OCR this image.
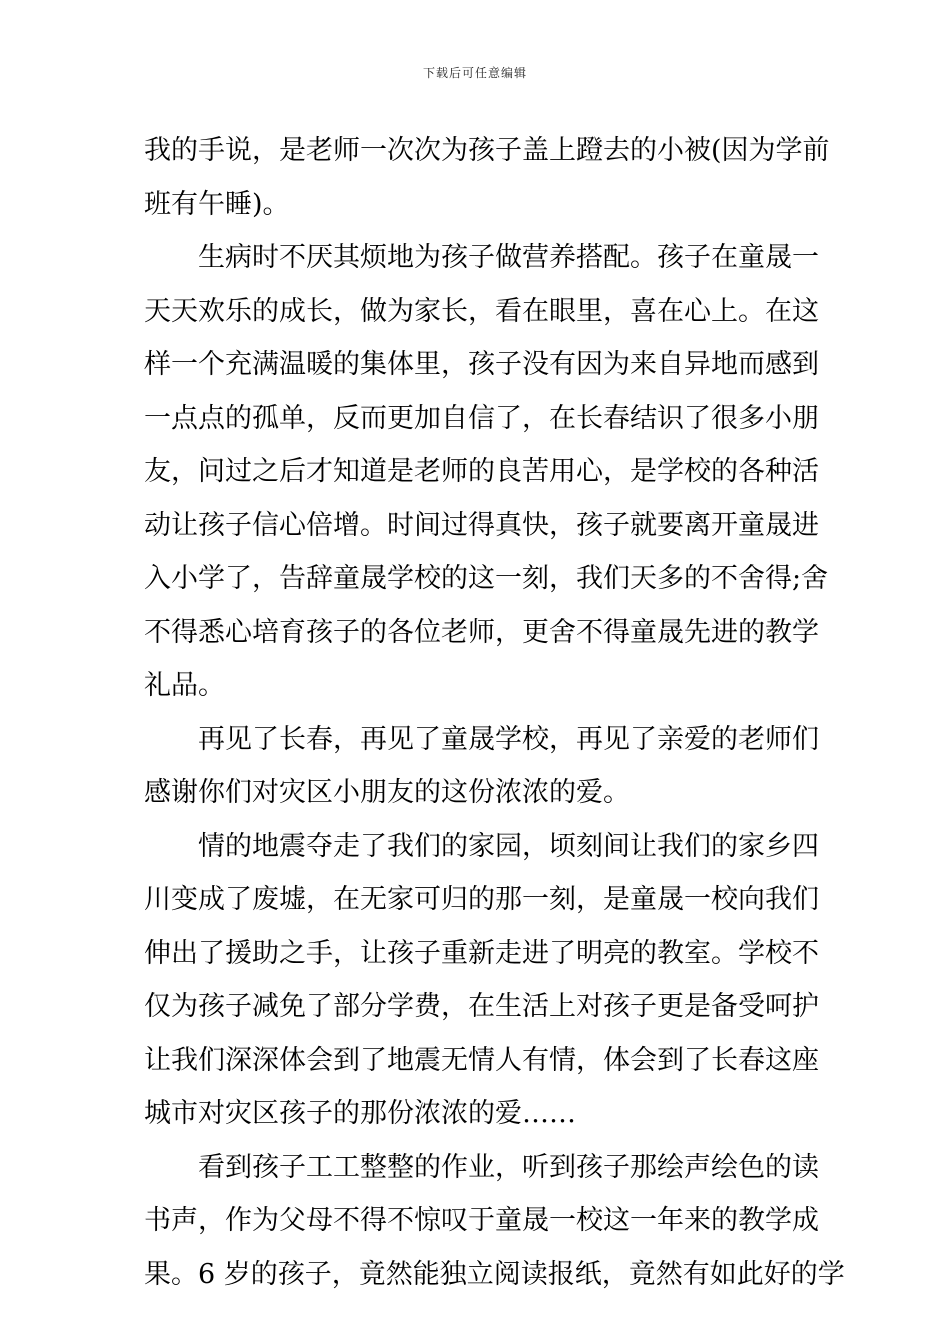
下载后可任意编辑
我的手说，是老师一次次为孩子盖上蹬去的小被(因为学前
班有午睡)。
生病时不厌其烦地为孩子做营养搭配。孩子在童晟一
天天欢乐的成长，做为家长，看在眼里，喜在心上。在这
样一个充满温暖的集体里，孩子没有因为来自异地而感到
一点点的孤单，反而更加自信了，在长春结识了很多小朋
友，问过之后才知道是老师的良苦用心，是学校的各种活
动让孩子信心倍增。时间过得真快，孩子就要离开童晟进
入小学了，告辞童晟学校的这一刻，我们天多的不舍得;舍
不得悉心培育孩子的各位老师，更舍不得童晟先进的教学
礼品。
再见了长春，再见了童晟学校，再见了亲爱的老师们
感谢你们对灾区小朋友的这份浓浓的爱。
情的地震夺走了我们的家园，顷刻间让我们的家乡四
川变成了废墟，在无家可归的那一刻，是童晟一校向我们
伸出了援助之手，让孩子重新走进了明亮的教室。学校不
仅为孩子减免了部分学费，在生活上对孩子更是备受呵护
让我们深深体会到了地震无情人有情，体会到了长春这座
城市对灾区孩子的那份浓浓的爱……
看到孩子工工整整的作业，听到孩子那绘声绘色的读
书声，作为父母不得不惊叹于童晟一校这一年来的教学成
果。6 岁的孩子，竟然能独立阅读报纸，竟然有如此好的学
